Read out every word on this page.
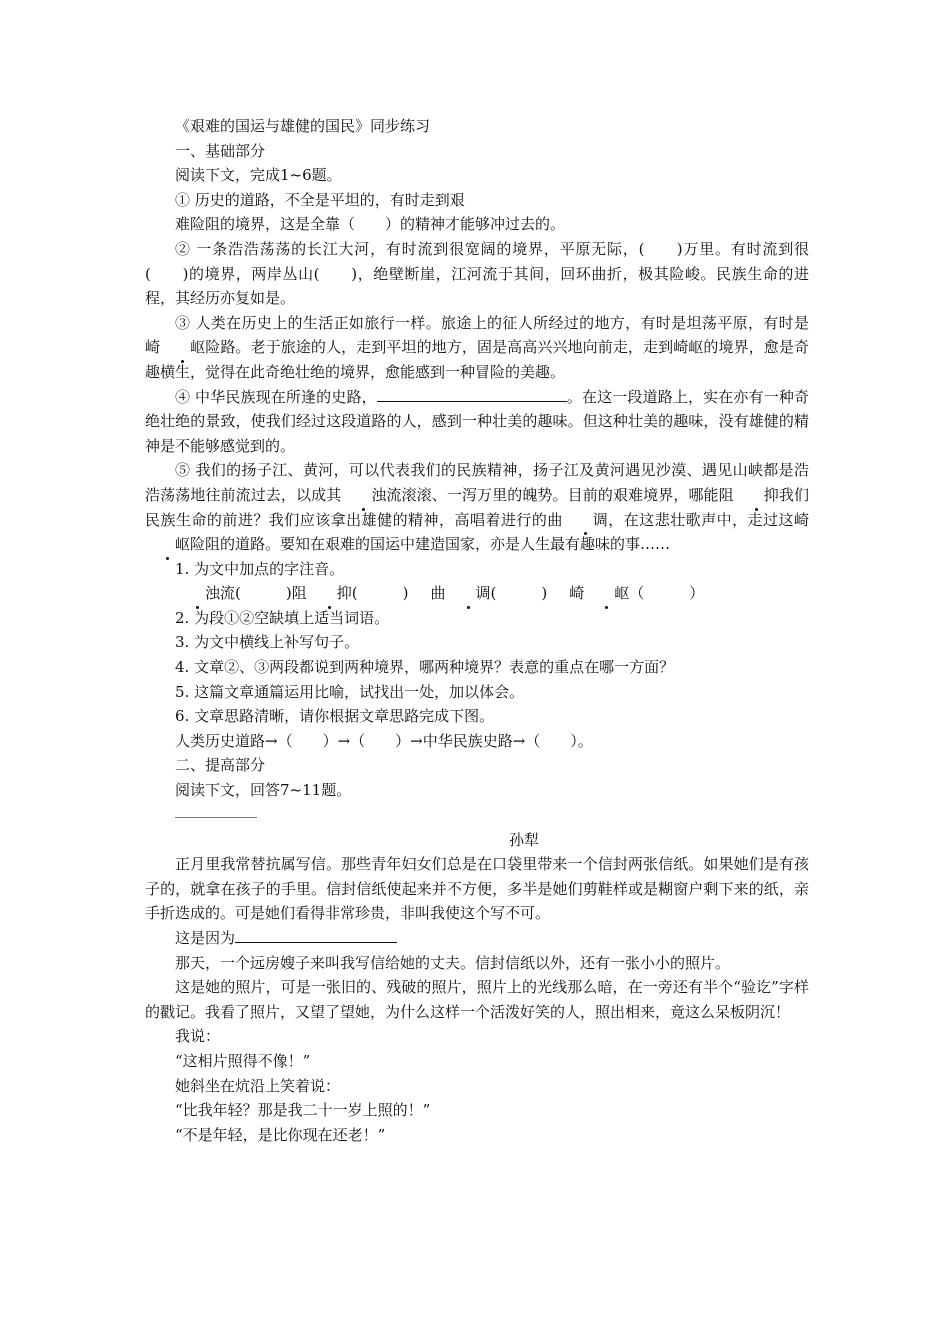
《艰难的国运与雄健的国民》同步练习

一、基础部分

阅读下文，完成1~6题。

① 历史的道路，不全是平坦的，有时走到艰

难险阻的境界，这是全靠（　　）的精神才能够冲过去的。

② 一条浩浩荡荡的长江大河，有时流到很宽阔的境界，平原无际，(　　)万里。有时流到很(　　)的境界，两岸丛山(　　)，绝壁断崖，江河流于其间，回环曲折，极其险峻。民族生命的进程，其经历亦复如是。

③ 人类在历史上的生活正如旅行一样。旅途上的征人所经过的地方，有时是坦荡平原，有时是崎 岖险路。老于旅途的人，走到平坦的地方，固是高高兴兴地向前走，走到崎岖的境界，愈是奇趣横生，觉得在此奇绝壮绝的境界，愈能感到一种冒险的美趣。

④ 中华民族现在所逢的史路，	。在这一段道路上，实在亦有一种奇绝壮绝的景致，使我们经过这段道路的人，感到一种壮美的趣味。但这种壮美的趣味，没有雄健的精神是不能够感觉到的。

⑤ 我们的扬子江、黄河，可以代表我们的民族精神，扬子江及黄河遇见沙漠、遇见山峡都是浩浩荡荡地往前流过去，以成其 浊流滚滚、一泻万里的魄势。目前的艰难境界，哪能阻 抑我们民族生命的前进？我们应该拿出雄健的精神，高唱着进行的曲 调，在这悲壮歌声中，走过这崎岖险阻的道路。要知在艰难的国运中建造国家，亦是人生最有趣味的事……

1. 为文中加点的字注音。

浊流(　　　)阻 抑(　　　) 曲 调(　　　) 崎 岖（　　　）

2. 为段①②空缺填上适当词语。

3. 为文中横线上补写句子。

4. 文章②、③两段都说到两种境界，哪两种境界？表意的重点在哪一方面？

5. 这篇文章通篇运用比喻，试找出一处，加以体会。

6. 文章思路清晰，请你根据文章思路完成下图。

人类历史道路→（　　）→（　　）→中华民族史路→（　　）。

二、提高部分

阅读下文，回答7~11题。

孙犁

正月里我常替抗属写信。那些青年妇女们总是在口袋里带来一个信封两张信纸。如果她们是有孩子的，就拿在孩子的手里。信封信纸使起来并不方便，多半是她们剪鞋样或是糊窗户剩下来的纸，亲手折迭成的。可是她们看得非常珍贵，非叫我使这个写不可。

这是因为

那天，一个远房嫂子来叫我写信给她的丈夫。信封信纸以外，还有一张小小的照片。

这是她的照片，可是一张旧的、残破的照片，照片上的光线那么暗，在一旁还有半个“验讫”字样的戳记。我看了照片，又望了望她，为什么这样一个活泼好笑的人，照出相来，竟这么呆板阴沉！

我说：

“这相片照得不像！”

她斜坐在炕沿上笑着说：

“比我年轻？那是我二十一岁上照的！”

“不是年轻，是比你现在还老！”
